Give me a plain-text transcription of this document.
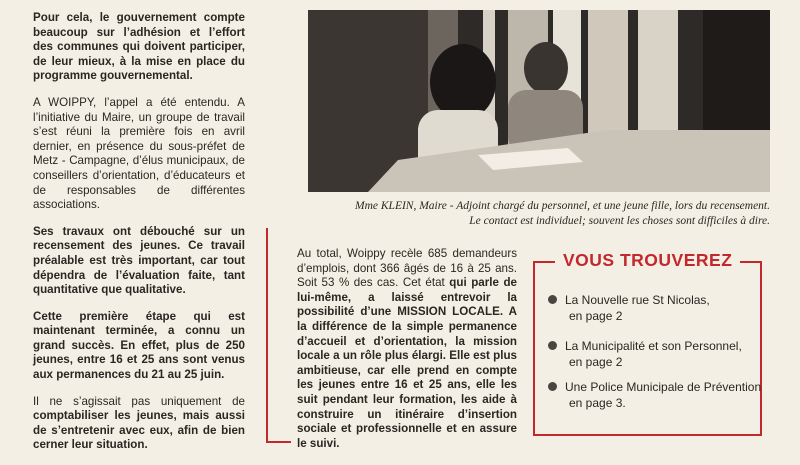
Pour cela, le gouvernement compte beaucoup sur l’adhésion et l’effort des communes qui doivent participer, de leur mieux, à la mise en place du programme gouvernemental.

A WOIPPY, l’appel a été entendu. A l’initiative du Maire, un groupe de travail s’est réuni la première fois en avril dernier, en présence du sous-préfet de Metz - Campagne, d’élus municipaux, de conseillers d’orientation, d’éducateurs et de responsables de différentes associations.

Ses travaux ont débouché sur un recensement des jeunes. Ce travail préalable est très important, car tout dépendra de l’évaluation faite, tant quantitative que qualitative.

Cette première étape qui est maintenant terminée, a connu un grand succès. En effet, plus de 250 jeunes, entre 16 et 25 ans sont venus aux permanences du 21 au 25 juin.

Il ne s’agissait pas uniquement de comptabiliser les jeunes, mais aussi de s’entretenir avec eux, afin de bien cerner leur situation.

Mme KLEIN, Maire - Adjoint chargé du personnel, et une jeune fille, lors du recensement.
Le contact est individuel; souvent les choses sont difficiles à dire.

Au total, Woippy recèle 685 demandeurs d’emplois, dont 366 âgés de 16 à 25 ans. Soit 53 % des cas. Cet état qui parle de lui-même, a laissé entrevoir la possibilité d’une MISSION LOCALE. A la différence de la simple permanence d’accueil et d’orientation, la mission locale a un rôle plus élargi. Elle est plus ambitieuse, car elle prend en compte les jeunes entre 16 et 25 ans, elle les suit pendant leur formation, les aide à construire un itinéraire d’insertion sociale et professionnelle et en assure le suivi.

VOUS TROUVEREZ
La Nouvelle rue St Nicolas,
en page 2
La Municipalité et son Personnel,
en page 2
Une Police Municipale de Prévention
en page 3.
